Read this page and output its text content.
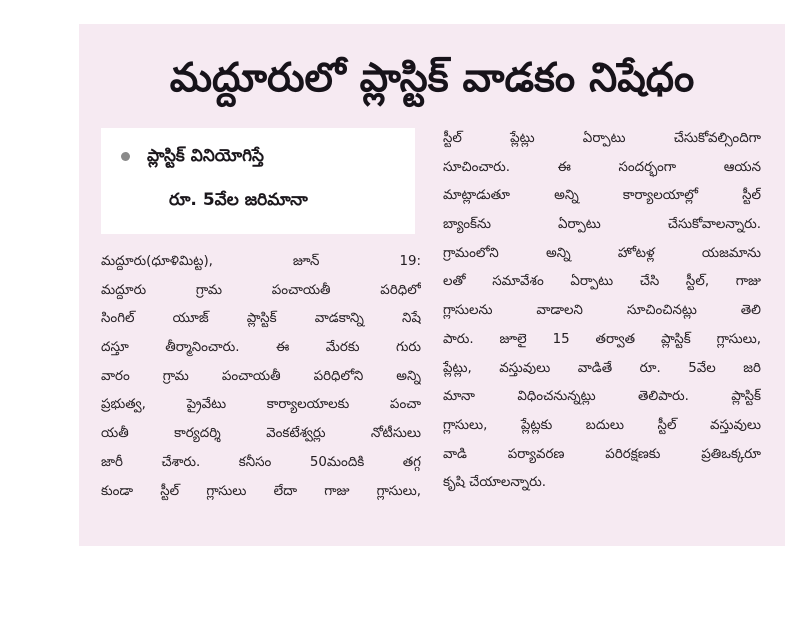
మద్దూరులో ప్లాస్టిక్ వాడకం నిషేధం
ప్లాస్టిక్ వినియోగిస్తే
రూ. 5వేల జరిమానా
మద్దూరు(ధూళిమిట్ట), జూన్ 19:
మద్దూరు గ్రామ పంచాయతీ పరిధిలో
సింగిల్ యూజ్ ప్లాస్టిక్ వాడకాన్ని నిషే
దస్తూ తీర్మానించారు. ఈ మేరకు గురు
వారం గ్రామ పంచాయతీ పరిధిలోని అన్ని
ప్రభుత్వ, ప్రైవేటు కార్యాలయాలకు పంచా
యతీ కార్యదర్శి వెంకటేశ్వర్లు నోటీసులు
జారీ చేశారు. కనీసం 50మందికి తగ్గ
కుండా స్టీల్ గ్లాసులు లేదా గాజు గ్లాసులు,
స్టీల్ ప్లేట్లు ఏర్పాటు చేసుకోవల్సిందిగా
సూచించారు. ఈ సందర్భంగా ఆయన
మాట్లాడుతూ అన్ని కార్యాలయాల్లో స్టీల్
బ్యాంక్‌ను ఏర్పాటు చేసుకోవాలన్నారు.
గ్రామంలోని అన్ని హోటళ్ల యజమాను
లతో సమావేశం ఏర్పాటు చేసి స్టీల్, గాజు
గ్లాసులను వాడాలని సూచించినట్లు తెలి
పారు. జూలై 15 తర్వాత ప్లాస్టిక్ గ్లాసులు,
ప్లేట్లు, వస్తువులు వాడితే రూ. 5వేల జరి
మానా విధించనున్నట్లు తెలిపారు. ప్లాస్టిక్
గ్లాసులు, ప్లేట్లకు బదులు స్టీల్ వస్తువులు
వాడి పర్యావరణ పరిరక్షణకు ప్రతిఒక్కరూ
కృషి చేయాలన్నారు.
